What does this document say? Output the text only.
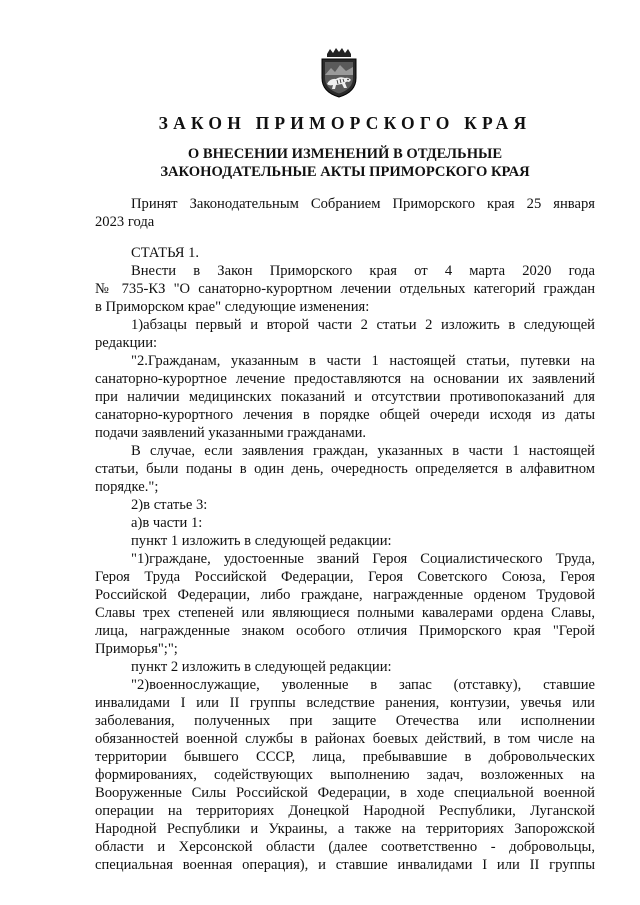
ЗАКОН ПРИМОРСКОГО КРАЯ
О ВНЕСЕНИИ ИЗМЕНЕНИЙ В ОТДЕЛЬНЫЕ
ЗАКОНОДАТЕЛЬНЫЕ АКТЫ ПРИМОРСКОГО КРАЯ
Принят Законодательным Собранием Приморского края 25 января
2023 года
СТАТЬЯ 1.
Внести в Закон Приморского края от 4 марта 2020 года
№ 735-КЗ "О санаторно-курортном лечении отдельных категорий граждан
в Приморском крае" следующие изменения:
1)абзацы первый и второй части 2 статьи 2 изложить в следующей
редакции:
"2.Гражданам, указанным в части 1 настоящей статьи, путевки на
санаторно-курортное лечение предоставляются на основании их заявлений
при наличии медицинских показаний и отсутствии противопоказаний для
санаторно-курортного лечения в порядке общей очереди исходя из даты
подачи заявлений указанными гражданами.
В случае, если заявления граждан, указанных в части 1 настоящей
статьи, были поданы в один день, очередность определяется в алфавитном
порядке.";
2)в статье 3:
а)в части 1:
пункт 1 изложить в следующей редакции:
"1)граждане, удостоенные званий Героя Социалистического Труда,
Героя Труда Российской Федерации, Героя Советского Союза, Героя
Российской Федерации, либо граждане, награжденные орденом Трудовой
Славы трех степеней или являющиеся полными кавалерами ордена Славы,
лица, награжденные знаком особого отличия Приморского края "Герой
Приморья";";
пункт 2 изложить в следующей редакции:
"2)военнослужащие, уволенные в запас (отставку), ставшие
инвалидами I или II группы вследствие ранения, контузии, увечья или
заболевания, полученных при защите Отечества или исполнении
обязанностей военной службы в районах боевых действий, в том числе на
территории бывшего СССР, лица, пребывавшие в добровольческих
формированиях, содействующих выполнению задач, возложенных на
Вооруженные Силы Российской Федерации, в ходе специальной военной
операции на территориях Донецкой Народной Республики, Луганской
Народной Республики и Украины, а также на территориях Запорожской
области и Херсонской области (далее соответственно - добровольцы,
специальная военная операция), и ставшие инвалидами I или II группы
